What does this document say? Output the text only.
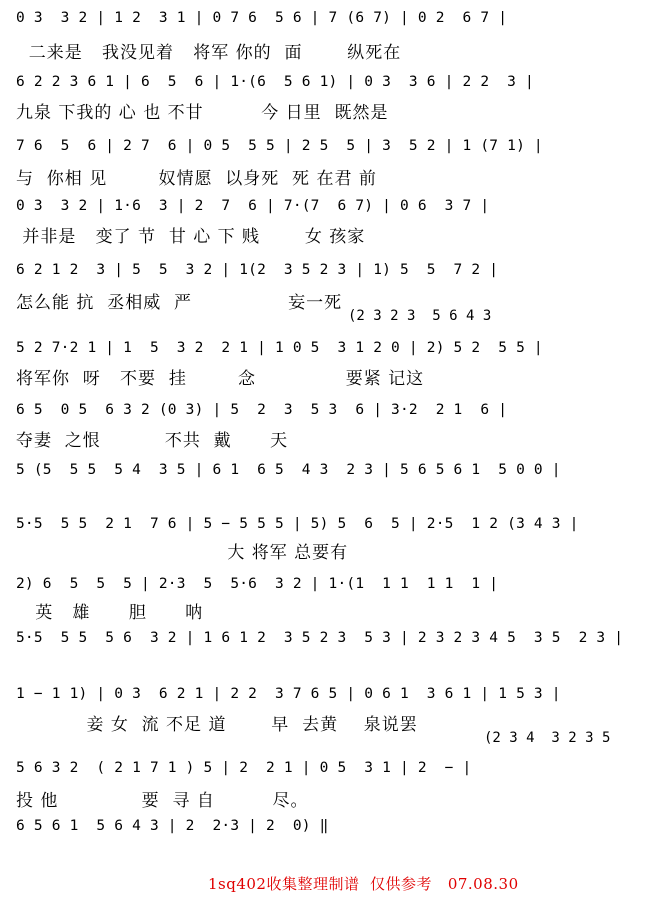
0 3  3 2 | 1 2  3 1 | 0 7 6  5 6 | 7 (6 7) | 0 2  6 7 |
二来是   我没见着   将军 你的  面       纵死在
6 2 2 3 6 1 | 6  5  6 | 1·(6  5 6 1) | 0 3  3 6 | 2 2  3 |
九泉 下我的 心 也 不甘         今 日里  既然是
7 6  5  6 | 2 7  6 | 0 5  5 5 | 2 5  5 | 3  5 2 | 1 (7 1) |
与  你相 见        奴情愿  以身死  死 在君 前
0 3  3 2 | 1·6  3 | 2  7  6 | 7·(7  6 7) | 0 6  3 7 |
并非是   变了 节  甘 心 下 贱       女 孩家
6 2 1 2  3 | 5  5  3 2 | 1(2  3 5 2 3 | 1) 5  5  7 2 |
怎么能 抗  丞相威  严               妄一死
(2 3 2 3  5 6 4 3
5 2 7·2 1 | 1  5  3 2  2 1 | 1 0 5  3 1 2 0 | 2) 5 2  5 5 |
将军你  呀   不要  挂        念              要紧 记这
6 5  0 5  6 3 2 (0 3) | 5  2  3  5 3  6 | 3·2  2 1  6 |
夺妻  之恨          不共  戴      天
5 (5  5 5  5 4  3 5 | 6 1  6 5  4 3  2 3 | 5 6 5 6 1  5 0 0 |
5·5  5 5  2 1  7 6 | 5 − 5 5 5 | 5) 5  6  5 | 2·5  1 2 (3 4 3 |
大 将军 总要有
2) 6  5  5  5 | 2·3  5  5·6  3 2 | 1·(1  1 1  1 1  1 |
英   雄      胆      呐
5·5  5 5  5 6  3 2 | 1 6 1 2  3 5 2 3  5 3 | 2 3 2 3 4 5  3 5  2 3 |
1 − 1 1) | 0 3  6 2 1 | 2 2  3 7 6 5 | 0 6 1  3 6 1 | 1 5 3 |
妾 女  流 不足 道       早  去黄    泉说罢
(2 3 4  3 2 3 5
5 6 3 2  ( 2 1 7 1 ) 5 | 2  2 1 | 0 5  3 1 | 2  − |
投 他             要  寻 自         尽。
6 5 6 1  5 6 4 3 | 2  2·3 | 2  0) ‖
1sq402收集整理制谱  仅供参考   07.08.30
